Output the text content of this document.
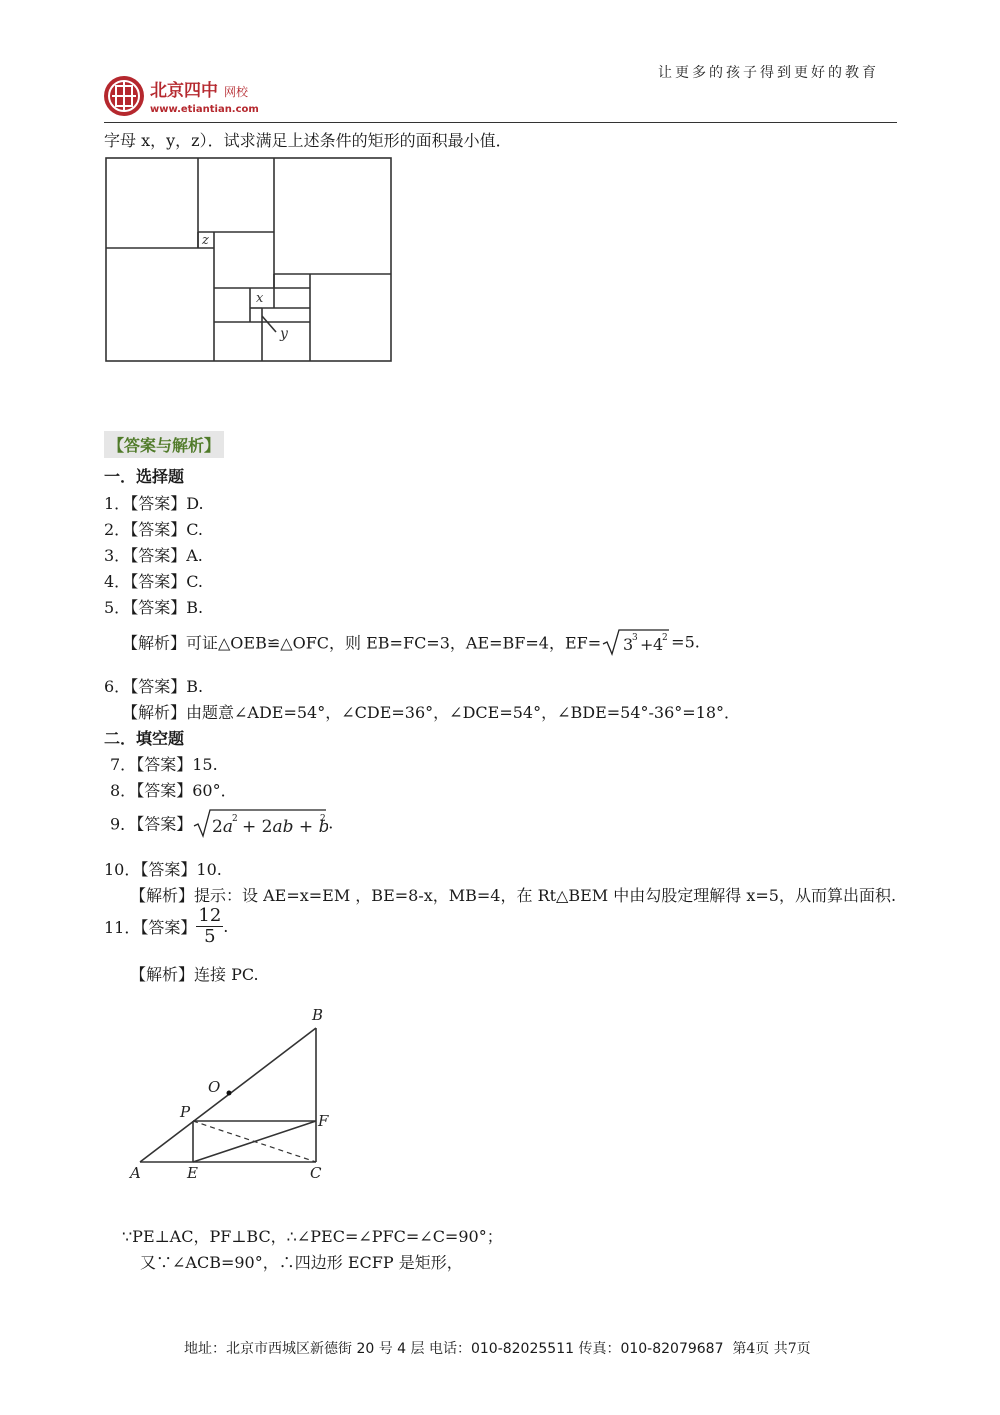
让更多的孩子得到更好的教育
北京四中 网校
www.etiantian.com
字母 x，y，z）．试求满足上述条件的矩形的面积最小值．
z
x
y
【答案与解析】
一．选择题
1．【答案】D.
2．【答案】C.
3．【答案】A.
4．【答案】C.
5．【答案】B.
【解析】可证△OEB≌△OFC，则 EB=FC=3，AE=BF=4，EF= 3
3 + 4
2 =5.
6．【答案】B.
【解析】由题意∠ADE=54°，∠CDE=36°，∠DCE=54°，∠BDE=54°-36°=18°．
二．填空题
7．【答案】15.
8．【答案】60°．
9．【答案】 2a 2 + 2ab + 2 .
10．【答案】10.
【解析】提示：设 AE=x=EM ，BE=8-x，MB=4，在 Rt△BEM 中由勾股定理解得 x=5，从而算出面积.
11．【答案】 $\frac{12}{5}$ .
【解析】连接 PC.
B
O
P	F
A	E	C
∵PE⊥AC，PF⊥BC，∴∠PEC=∠PFC=∠C=90°；
又∵∠ACB=90°，∴四边形 ECFP 是矩形，
地址：北京市西城区新德街 20 号 4 层 电话：010-82025511 传真：010-82079687 第4页 共7页
